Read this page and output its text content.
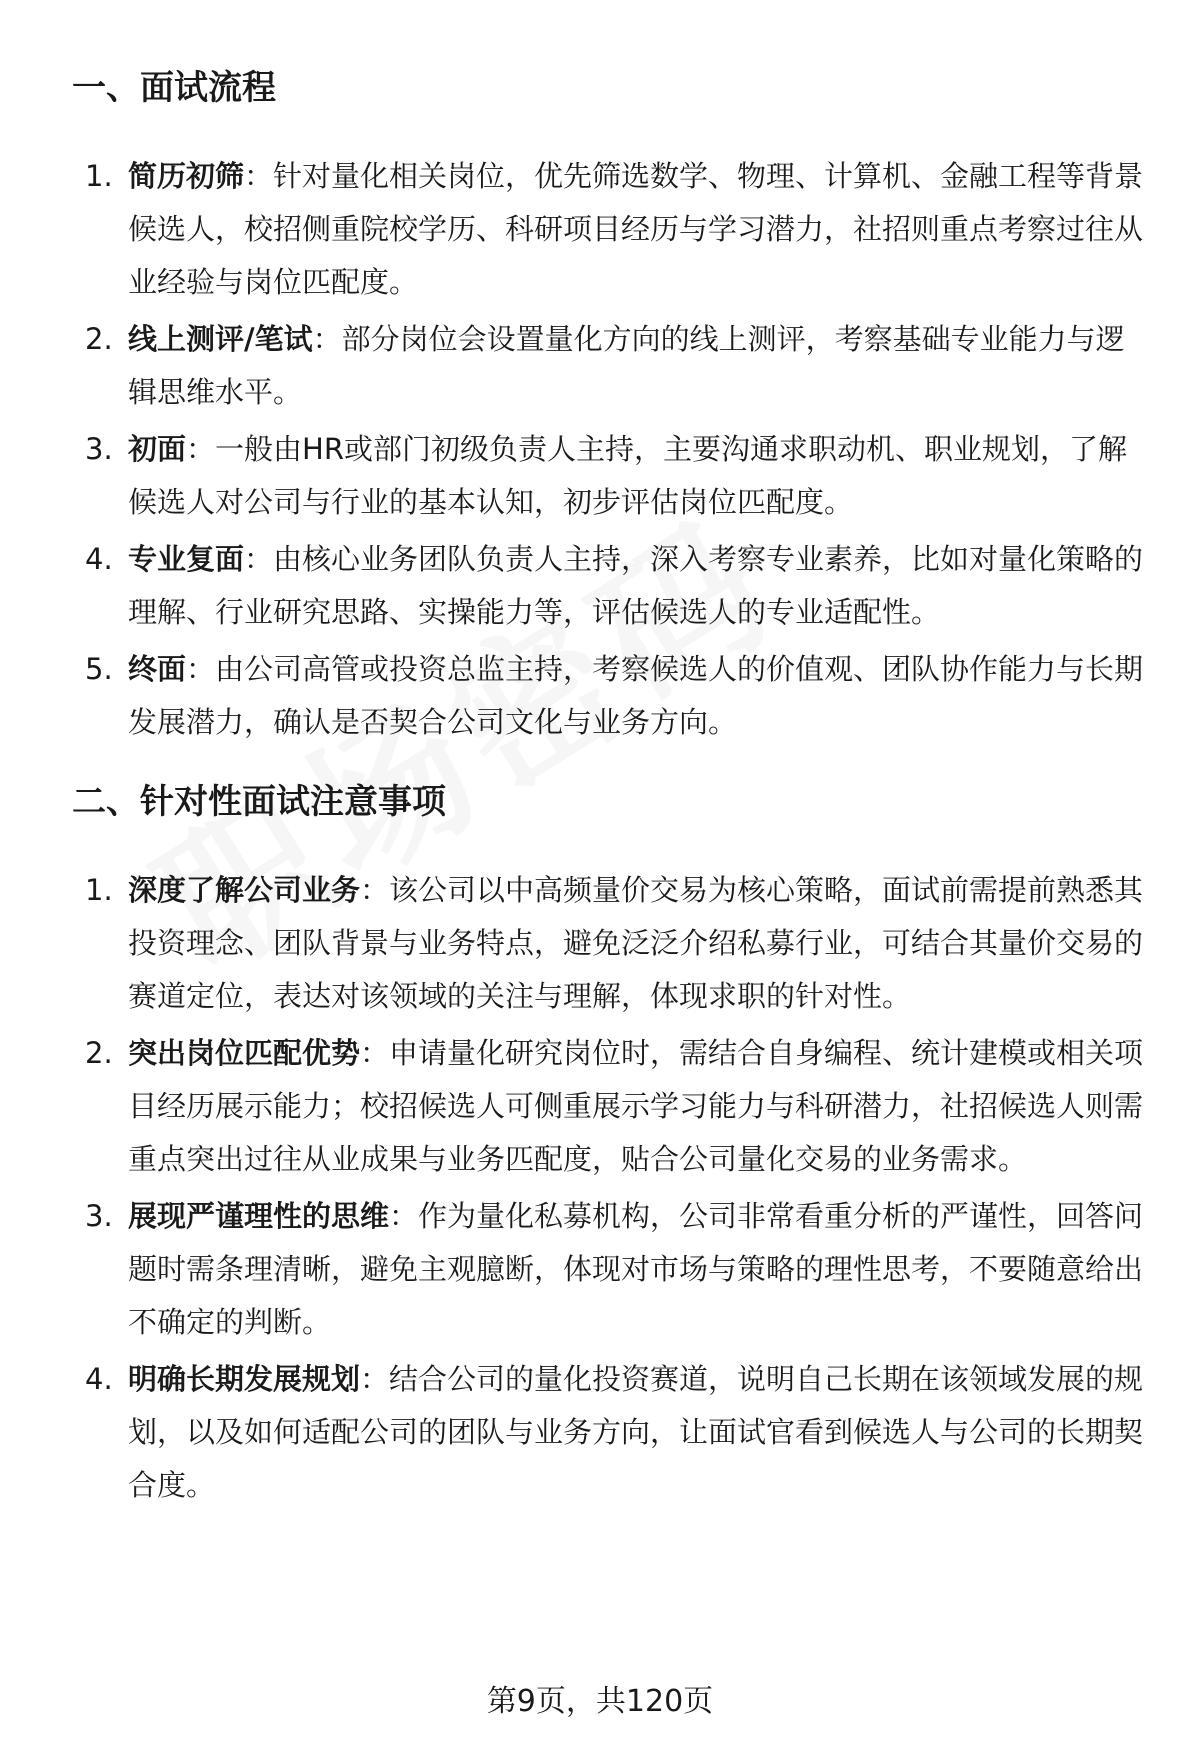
一、面试流程
1. 简历初筛：针对量化相关岗位，优先筛选数学、物理、计算机、金融工程等背景候选人，校招侧重院校学历、科研项目经历与学习潜力，社招则重点考察过往从业经验与岗位匹配度。
2. 线上测评/笔试：部分岗位会设置量化方向的线上测评，考察基础专业能力与逻辑思维水平。
3. 初面：一般由HR或部门初级负责人主持，主要沟通求职动机、职业规划，了解候选人对公司与行业的基本认知，初步评估岗位匹配度。
4. 专业复面：由核心业务团队负责人主持，深入考察专业素养，比如对量化策略的理解、行业研究思路、实操能力等，评估候选人的专业适配性。
5. 终面：由公司高管或投资总监主持，考察候选人的价值观、团队协作能力与长期发展潜力，确认是否契合公司文化与业务方向。
二、针对性面试注意事项
1. 深度了解公司业务：该公司以中高频量价交易为核心策略，面试前需提前熟悉其投资理念、团队背景与业务特点，避免泛泛介绍私募行业，可结合其量价交易的赛道定位，表达对该领域的关注与理解，体现求职的针对性。
2. 突出岗位匹配优势：申请量化研究岗位时，需结合自身编程、统计建模或相关项目经历展示能力；校招候选人可侧重展示学习能力与科研潜力，社招候选人则需重点突出过往从业成果与业务匹配度，贴合公司量化交易的业务需求。
3. 展现严谨理性的思维：作为量化私募机构，公司非常看重分析的严谨性，回答问题时需条理清晰，避免主观臆断，体现对市场与策略的理性思考，不要随意给出不确定的判断。
4. 明确长期发展规划：结合公司的量化投资赛道，说明自己长期在该领域发展的规划，以及如何适配公司的团队与业务方向，让面试官看到候选人与公司的长期契合度。
第9页，共120页
